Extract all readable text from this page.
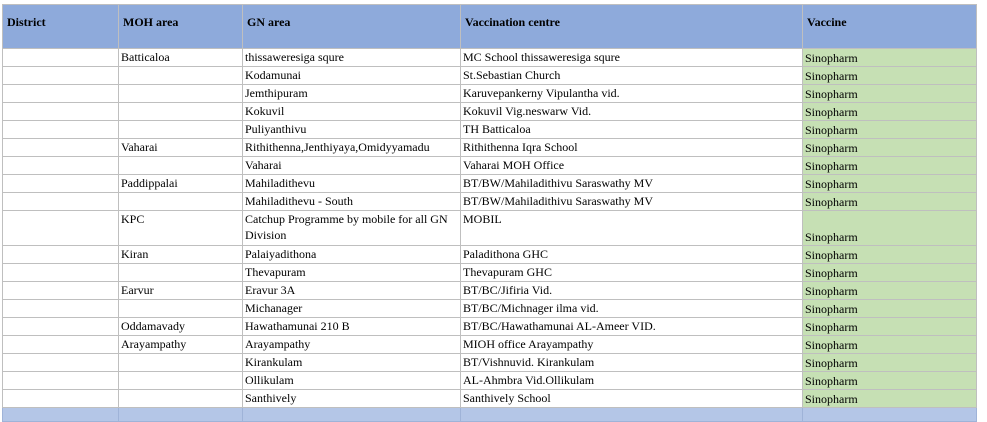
District	MOH area	GN area	Vaccination centre	Vaccine
	Batticaloa	thissaweresiga squre	MC School thissaweresiga squre	Sinopharm
		Kodamunai	St.Sebastian Church	Sinopharm
		Jemthipuram	Karuvepankerny Vipulantha vid.	Sinopharm
		Kokuvil	Kokuvil Vig.neswarw Vid.	Sinopharm
		Puliyanthivu	TH Batticaloa	Sinopharm
	Vaharai	Rithithenna,Jenthiyaya,Omidyyamadu	Rithithenna Iqra School	Sinopharm
		Vaharai	Vaharai MOH Office	Sinopharm
	Paddippalai	Mahiladithevu	BT/BW/Mahiladithivu Saraswathy MV	Sinopharm
		Mahiladithevu - South	BT/BW/Mahiladithivu Saraswathy MV	Sinopharm
	KPC	Catchup Programme by mobile for all GN Division	MOBIL	Sinopharm
	Kiran	Palaiyadithona	Paladithona GHC	Sinopharm
		Thevapuram	Thevapuram GHC	Sinopharm
	Earvur	Eravur 3A	BT/BC/Jifiria Vid.	Sinopharm
		Michanager	BT/BC/Michnager ilma vid.	Sinopharm
	Oddamavady	Hawathamunai 210 B	BT/BC/Hawathamunai AL-Ameer VID.	Sinopharm
	Arayampathy	Arayampathy	MIOH office Arayampathy	Sinopharm
		Kirankulam	BT/Vishnuvid. Kirankulam	Sinopharm
		Ollikulam	AL-Ahmbra Vid.Ollikulam	Sinopharm
		Santhively	Santhively School	Sinopharm
